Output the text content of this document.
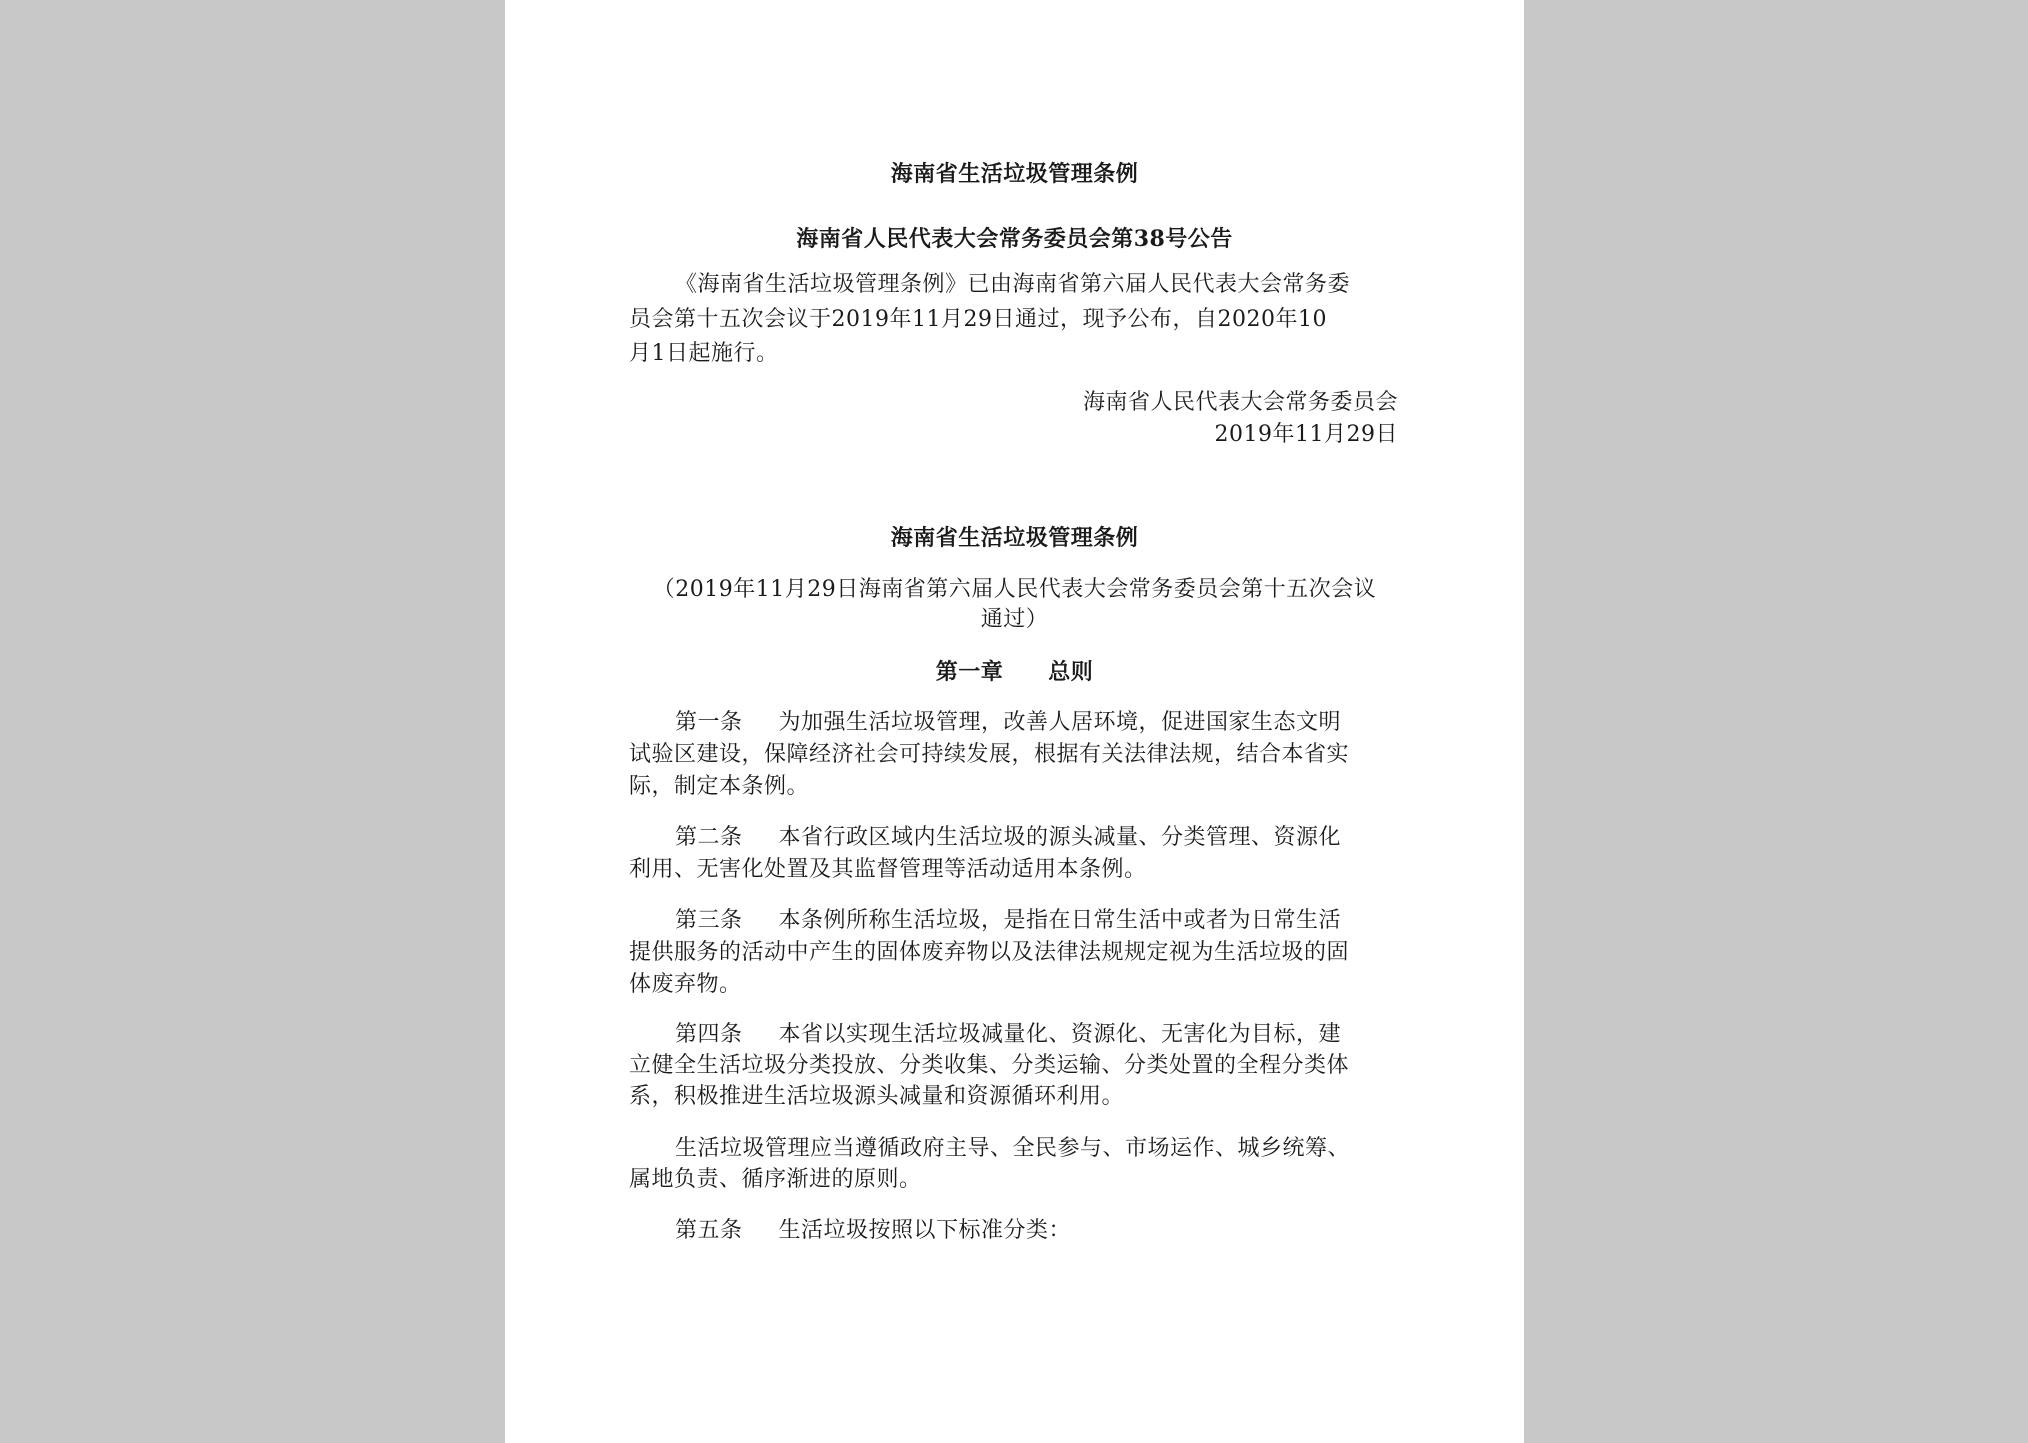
海南省生活垃圾管理条例
海南省人民代表大会常务委员会第38号公告
《海南省生活垃圾管理条例》已由海南省第六届人民代表大会常务委
员会第十五次会议于2019年11月29日通过，现予公布，自2020年10
月1日起施行。
海南省人民代表大会常务委员会
2019年11月29日
海南省生活垃圾管理条例
（2019年11月29日海南省第六届人民代表大会常务委员会第十五次会议
通过）
第一章　　总则
第一条 为加强生活垃圾管理，改善人居环境，促进国家生态文明
试验区建设，保障经济社会可持续发展，根据有关法律法规，结合本省实
际，制定本条例。
第二条 本省行政区域内生活垃圾的源头减量、分类管理、资源化
利用、无害化处置及其监督管理等活动适用本条例。
第三条 本条例所称生活垃圾，是指在日常生活中或者为日常生活
提供服务的活动中产生的固体废弃物以及法律法规规定视为生活垃圾的固
体废弃物。
第四条 本省以实现生活垃圾减量化、资源化、无害化为目标，建
立健全生活垃圾分类投放、分类收集、分类运输、分类处置的全程分类体
系，积极推进生活垃圾源头减量和资源循环利用。
生活垃圾管理应当遵循政府主导、全民参与、市场运作、城乡统筹、
属地负责、循序渐进的原则。
第五条 生活垃圾按照以下标准分类：
